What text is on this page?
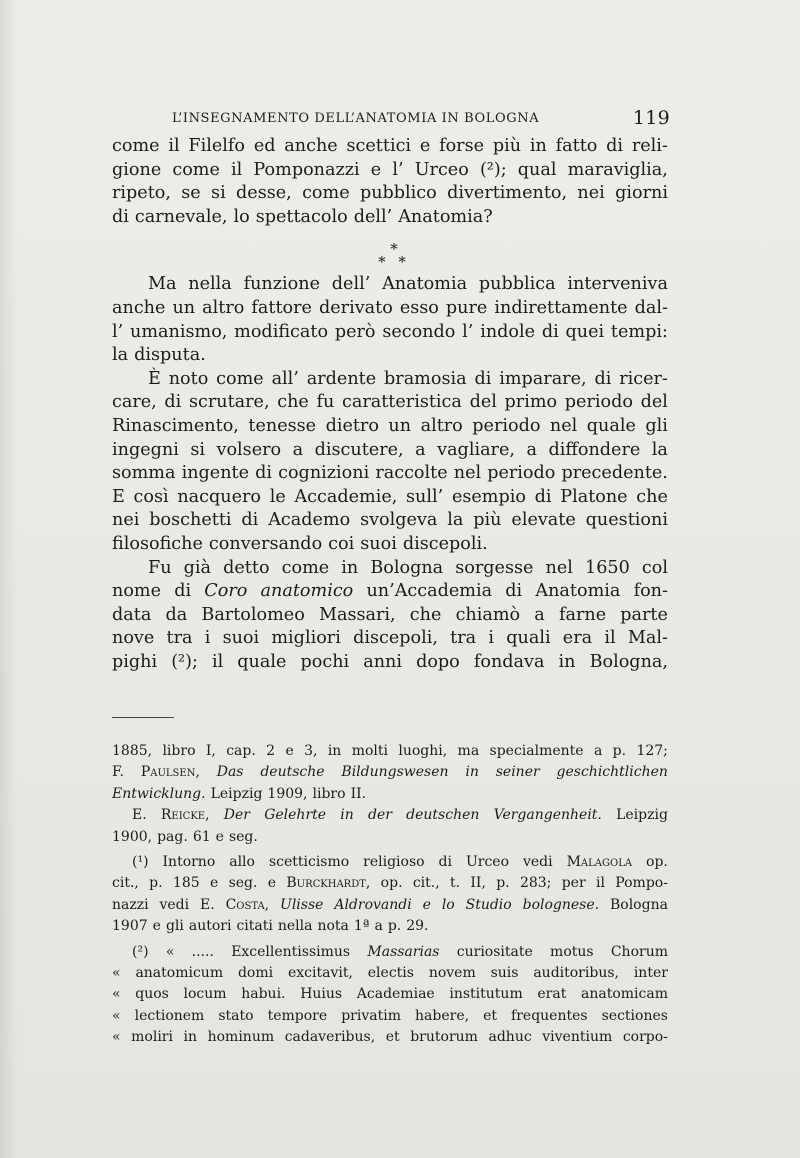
L’INSEGNAMENTO DELL’ANATOMIA IN BOLOGNA	119
come il Filelfo ed anche scettici e forse più in fatto di reli-
gione come il Pomponazzi e l’ Urceo (²); qual maraviglia,
ripeto, se si desse, come pubblico divertimento, nei giorni
di carnevale, lo spettacolo dell’ Anatomia?
*
* *
Ma nella funzione dell’ Anatomia pubblica interveniva
anche un altro fattore derivato esso pure indirettamente dal-
l’ umanismo, modificato però secondo l’ indole di quei tempi:
la disputa.
È noto come all’ ardente bramosia di imparare, di ricer-
care, di scrutare, che fu caratteristica del primo periodo del
Rinascimento, tenesse dietro un altro periodo nel quale gli
ingegni si volsero a discutere, a vagliare, a diffondere la
somma ingente di cognizioni raccolte nel periodo precedente.
E così nacquero le Accademie, sull’ esempio di Platone che
nei boschetti di Academo svolgeva la più elevate questioni
filosofiche conversando coi suoi discepoli.
Fu già detto come in Bologna sorgesse nel 1650 col
nome di Coro anatomico un’Accademia di Anatomia fon-
data da Bartolomeo Massari, che chiamò a farne parte
nove tra i suoi migliori discepoli, tra i quali era il Mal-
pighi (²); il quale pochi anni dopo fondava in Bologna,
1885, libro I, cap. 2 e 3, in molti luoghi, ma specialmente a p. 127;
F. Paulsen, Das deutsche Bildungswesen in seiner geschichtlichen
Entwicklung. Leipzig 1909, libro II.
E. Reicke, Der Gelehrte in der deutschen Vergangenheit. Leipzig
1900, pag. 61 e seg.
(¹) Intorno allo scetticismo religioso di Urceo vedi Malagola op.
cit., p. 185 e seg. e Burckhardt, op. cit., t. II, p. 283; per il Pompo-
nazzi vedi E. Costa, Ulisse Aldrovandi e lo Studio bolognese. Bologna
1907 e gli autori citati nella nota 1ª a p. 29.
(²) « ..... Excellentissimus Massarias curiositate motus Chorum
« anatomicum domi excitavit, electis novem suis auditoribus, inter
« quos locum habui. Huius Academiae institutum erat anatomicam
« lectionem stato tempore privatim habere, et frequentes sectiones
« moliri in hominum cadaveribus, et brutorum adhuc viventium corpo-
